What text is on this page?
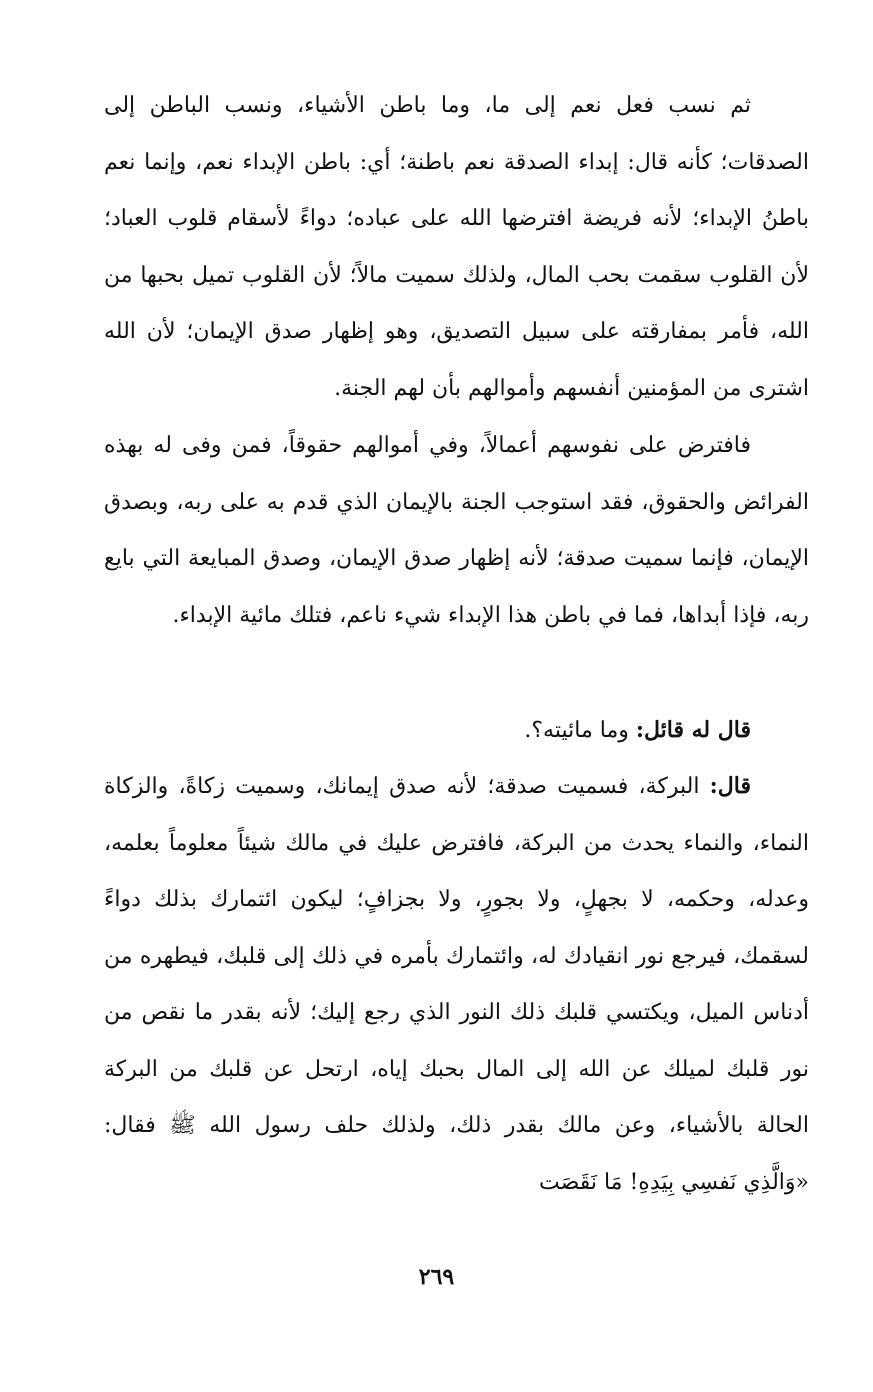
ثم نسب فعل نعم إلى ما، وما باطن الأشياء، ونسب الباطن إلى الصدقات؛ كأنه قال: إبداء الصدقة نعم باطنة؛ أي: باطن الإبداء نعم، وإنما نعم باطنُ الإبداء؛ لأنه فريضة افترضها الله على عباده؛ دواءً لأسقام قلوب العباد؛ لأن القلوب سقمت بحب المال، ولذلك سميت مالاً؛ لأن القلوب تميل بحبها من الله، فأمر بمفارقته على سبيل التصديق، وهو إظهار صدق الإيمان؛ لأن الله اشترى من المؤمنين أنفسهم وأموالهم بأن لهم الجنة.

فافترض على نفوسهم أعمالاً، وفي أموالهم حقوقاً، فمن وفى له بهذه الفرائض والحقوق، فقد استوجب الجنة بالإيمان الذي قدم به على ربه، وبصدق الإيمان، فإنما سميت صدقة؛ لأنه إظهار صدق الإيمان، وصدق المبايعة التي بايع ربه، فإذا أبداها، فما في باطن هذا الإبداء شيء ناعم، فتلك مائية الإبداء.

قال له قائل: وما مائيته؟.

قال: البركة، فسميت صدقة؛ لأنه صدق إيمانك، وسميت زكاةً، والزكاة النماء، والنماء يحدث من البركة، فافترض عليك في مالك شيئاً معلوماً بعلمه، وعدله، وحكمه، لا بجهلٍ، ولا بجورٍ، ولا بجزافٍ؛ ليكون ائتمارك بذلك دواءً لسقمك، فيرجع نور انقيادك له، وائتمارك بأمره في ذلك إلى قلبك، فيطهره من أدناس الميل، ويكتسي قلبك ذلك النور الذي رجع إليك؛ لأنه بقدر ما نقص من نور قلبك لميلك عن الله إلى المال بحبك إياه، ارتحل عن قلبك من البركة الحالة بالأشياء، وعن مالك بقدر ذلك، ولذلك حلف رسول الله ﷺ فقال: «وَالَّذِي نَفسِي بِيَدِهِ! مَا نَقَصَت

٢٦٩
